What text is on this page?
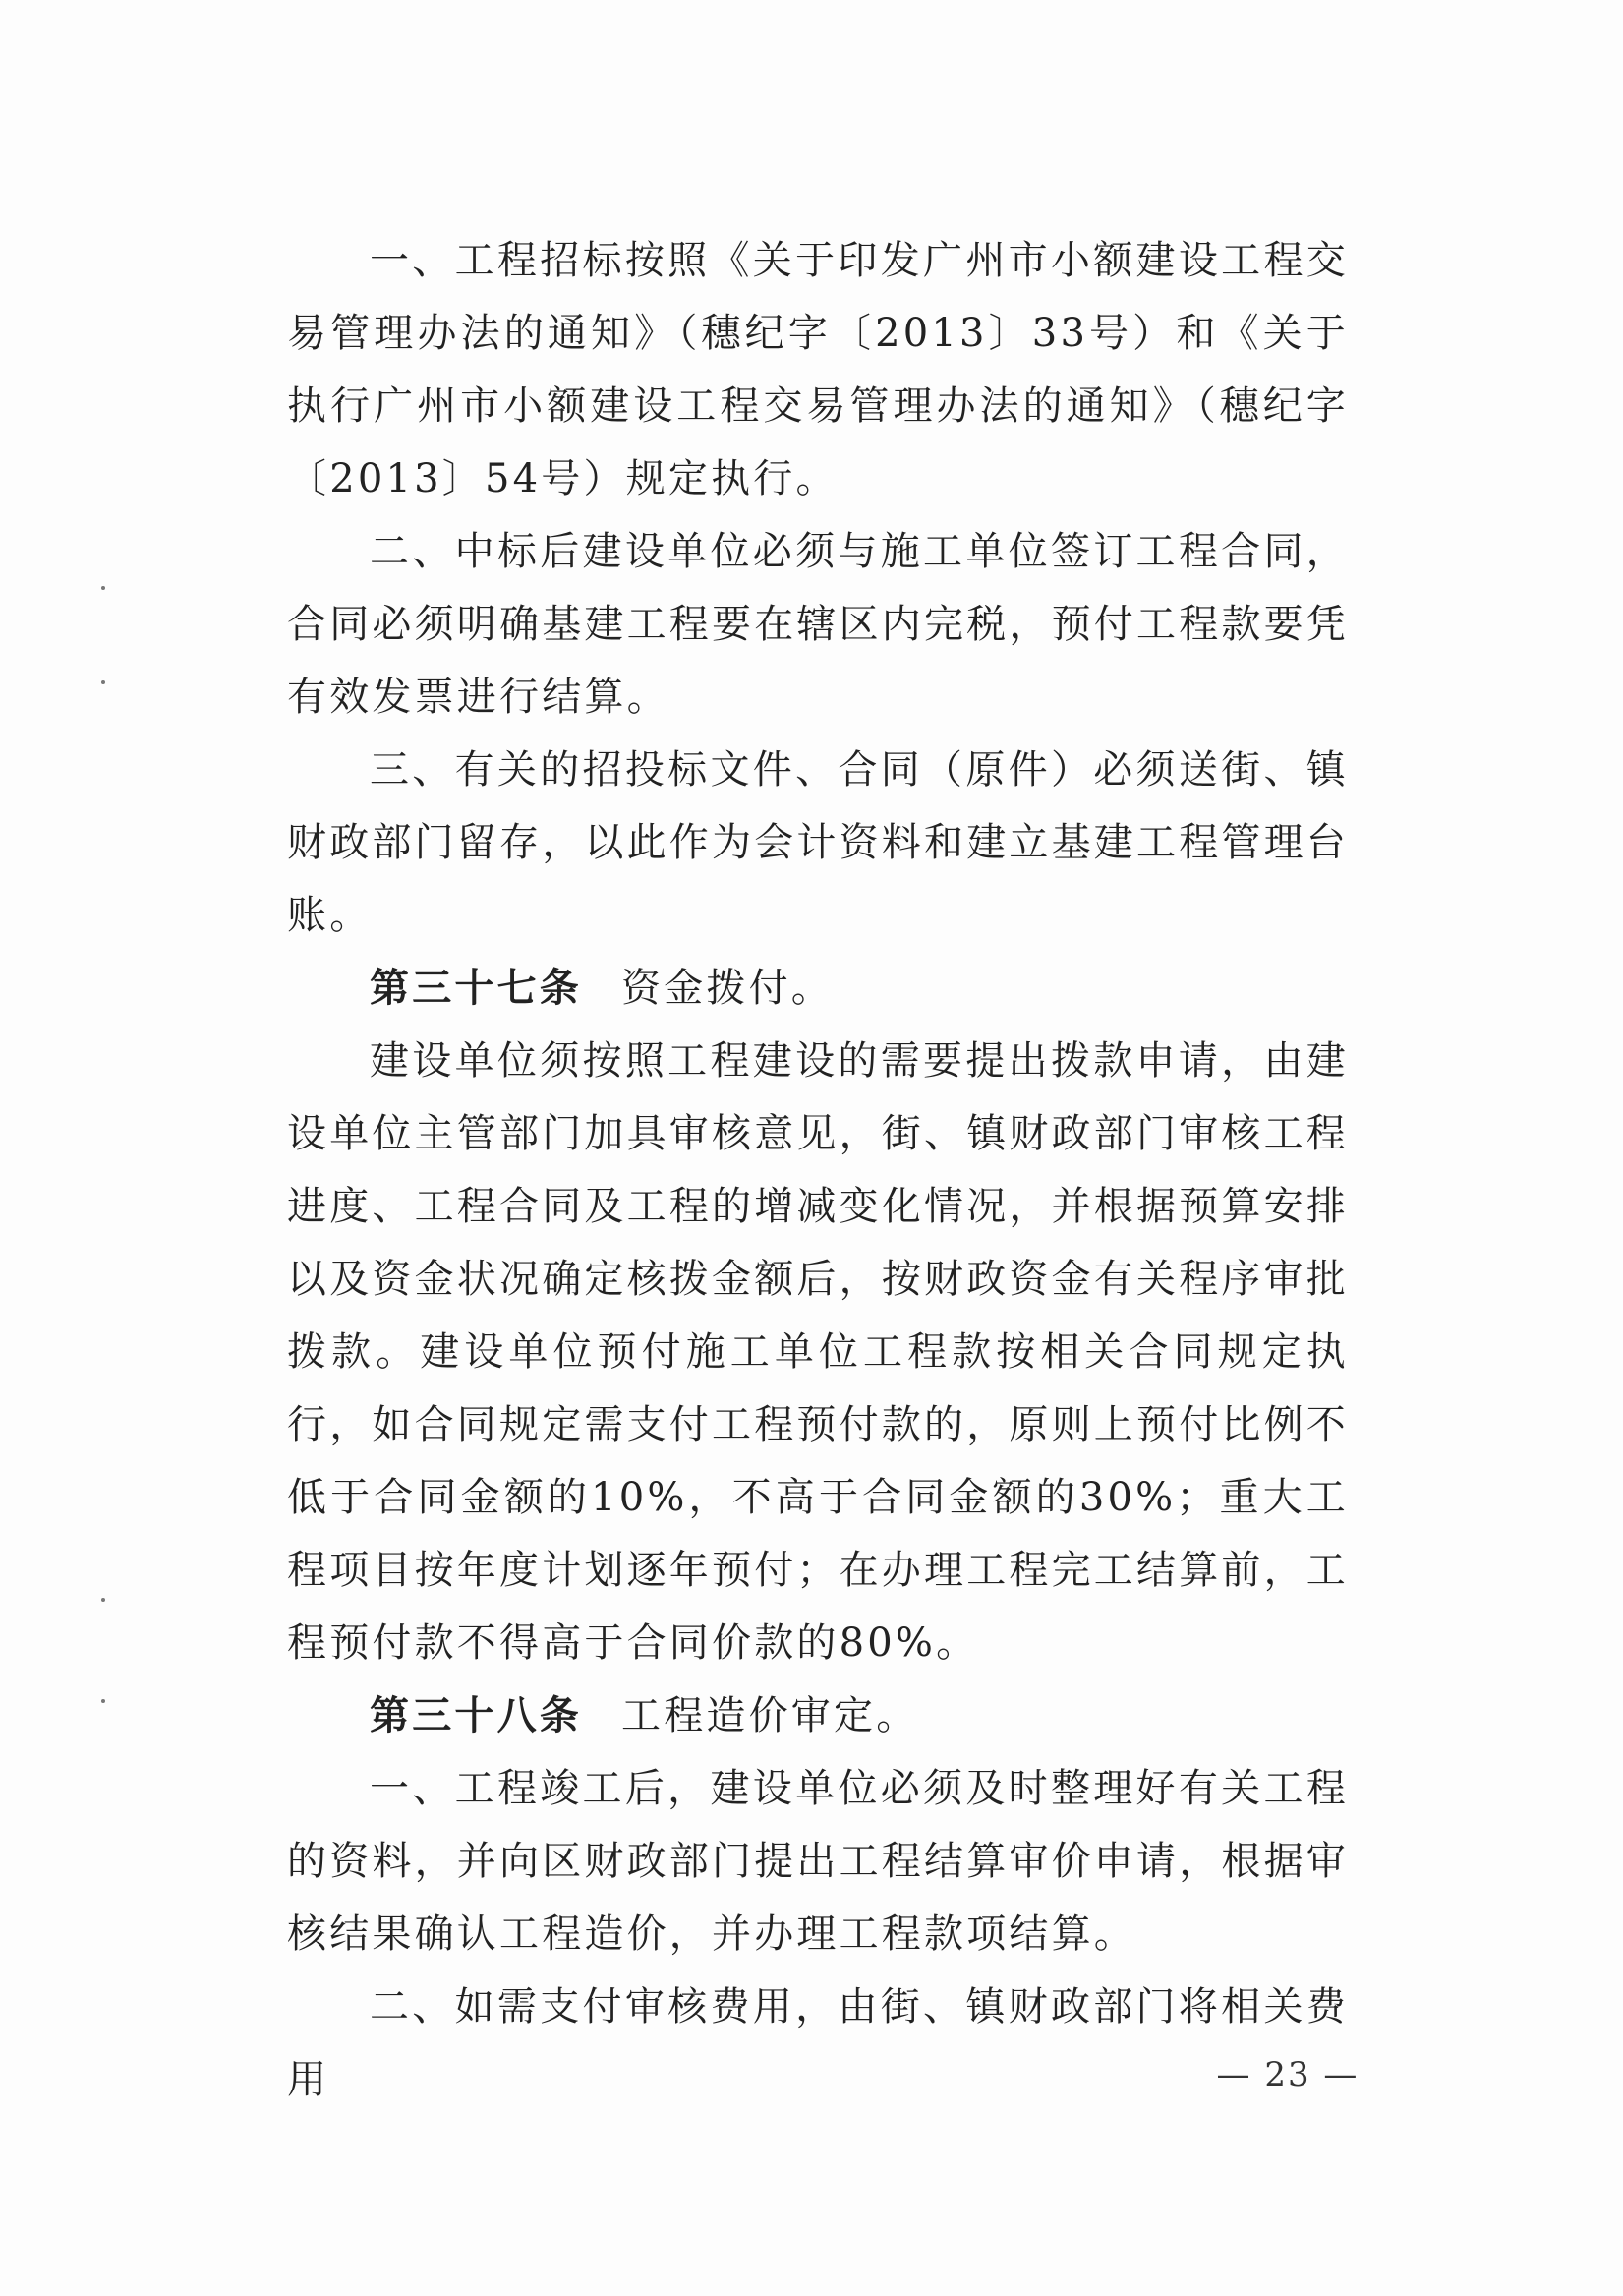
一、工程招标按照《关于印发广州市小额建设工程交易管理办法的通知》（穗纪字〔2013〕33号）和《关于执行广州市小额建设工程交易管理办法的通知》（穗纪字〔2013〕54号）规定执行。

二、中标后建设单位必须与施工单位签订工程合同，合同必须明确基建工程要在辖区内完税，预付工程款要凭有效发票进行结算。

三、有关的招投标文件、合同（原件）必须送街、镇财政部门留存，以此作为会计资料和建立基建工程管理台账。

第三十七条 资金拨付。

建设单位须按照工程建设的需要提出拨款申请，由建设单位主管部门加具审核意见，街、镇财政部门审核工程进度、工程合同及工程的增减变化情况，并根据预算安排以及资金状况确定核拨金额后，按财政资金有关程序审批拨款。建设单位预付施工单位工程款按相关合同规定执行，如合同规定需支付工程预付款的，原则上预付比例不低于合同金额的10%，不高于合同金额的30%；重大工程项目按年度计划逐年预付；在办理工程完工结算前，工程预付款不得高于合同价款的80%。

第三十八条 工程造价审定。

一、工程竣工后，建设单位必须及时整理好有关工程的资料，并向区财政部门提出工程结算审价申请，根据审核结果确认工程造价，并办理工程款项结算。

二、如需支付审核费用，由街、镇财政部门将相关费用	— 23 —
